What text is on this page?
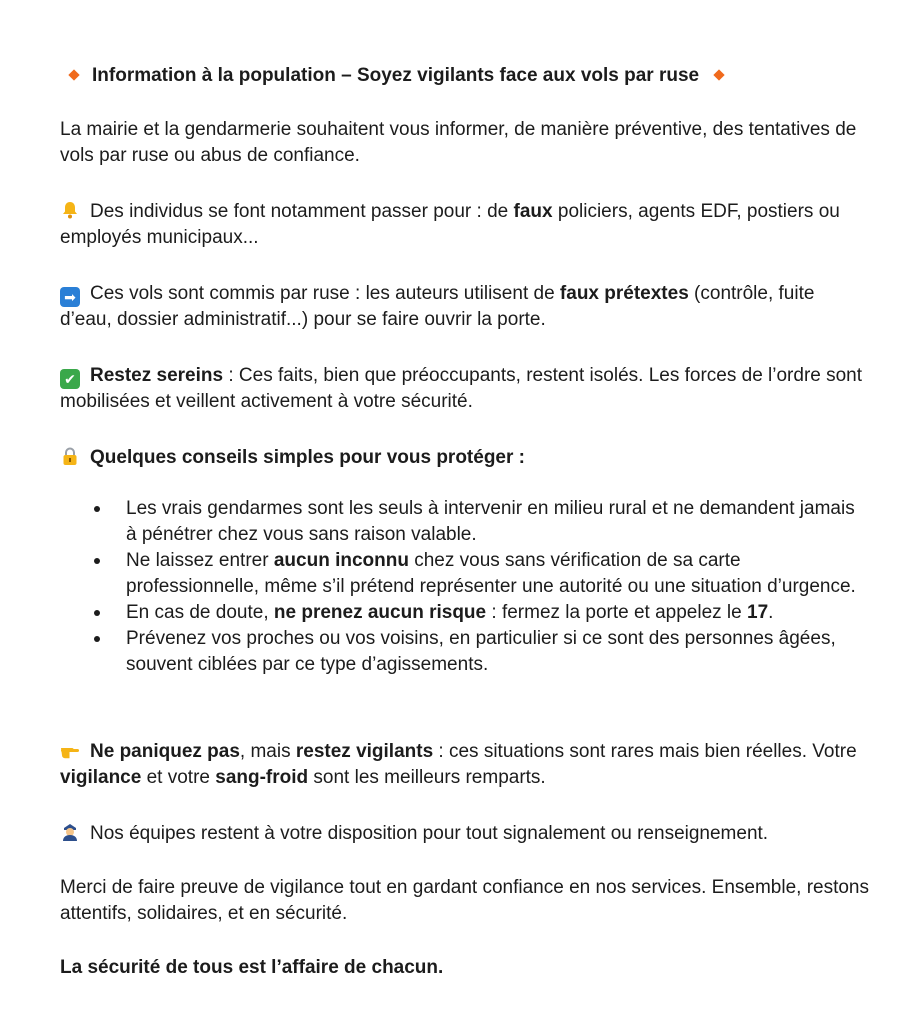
Information à la population – Soyez vigilants face aux vols par ruse
La mairie et la gendarmerie souhaitent vous informer, de manière préventive, des tentatives de vols par ruse ou abus de confiance.
Des individus se font notamment passer pour : de faux policiers, agents EDF, postiers ou employés municipaux...
➡ Ces vols sont commis par ruse : les auteurs utilisent de faux prétextes (contrôle, fuite d’eau, dossier administratif...) pour se faire ouvrir la porte.
✔ Restez sereins : Ces faits, bien que préoccupants, restent isolés. Les forces de l’ordre sont mobilisées et veillent activement à votre sécurité.
Quelques conseils simples pour vous protéger :
Les vrais gendarmes sont les seuls à intervenir en milieu rural et ne demandent jamais à pénétrer chez vous sans raison valable.
Ne laissez entrer aucun inconnu chez vous sans vérification de sa carte professionnelle, même s’il prétend représenter une autorité ou une situation d’urgence.
En cas de doute, ne prenez aucun risque : fermez la porte et appelez le 17.
Prévenez vos proches ou vos voisins, en particulier si ce sont des personnes âgées, souvent ciblées par ce type d’agissements.
Ne paniquez pas, mais restez vigilants : ces situations sont rares mais bien réelles. Votre vigilance et votre sang-froid sont les meilleurs remparts.
Nos équipes restent à votre disposition pour tout signalement ou renseignement.
Merci de faire preuve de vigilance tout en gardant confiance en nos services. Ensemble, restons attentifs, solidaires, et en sécurité.
La sécurité de tous est l’affaire de chacun.
